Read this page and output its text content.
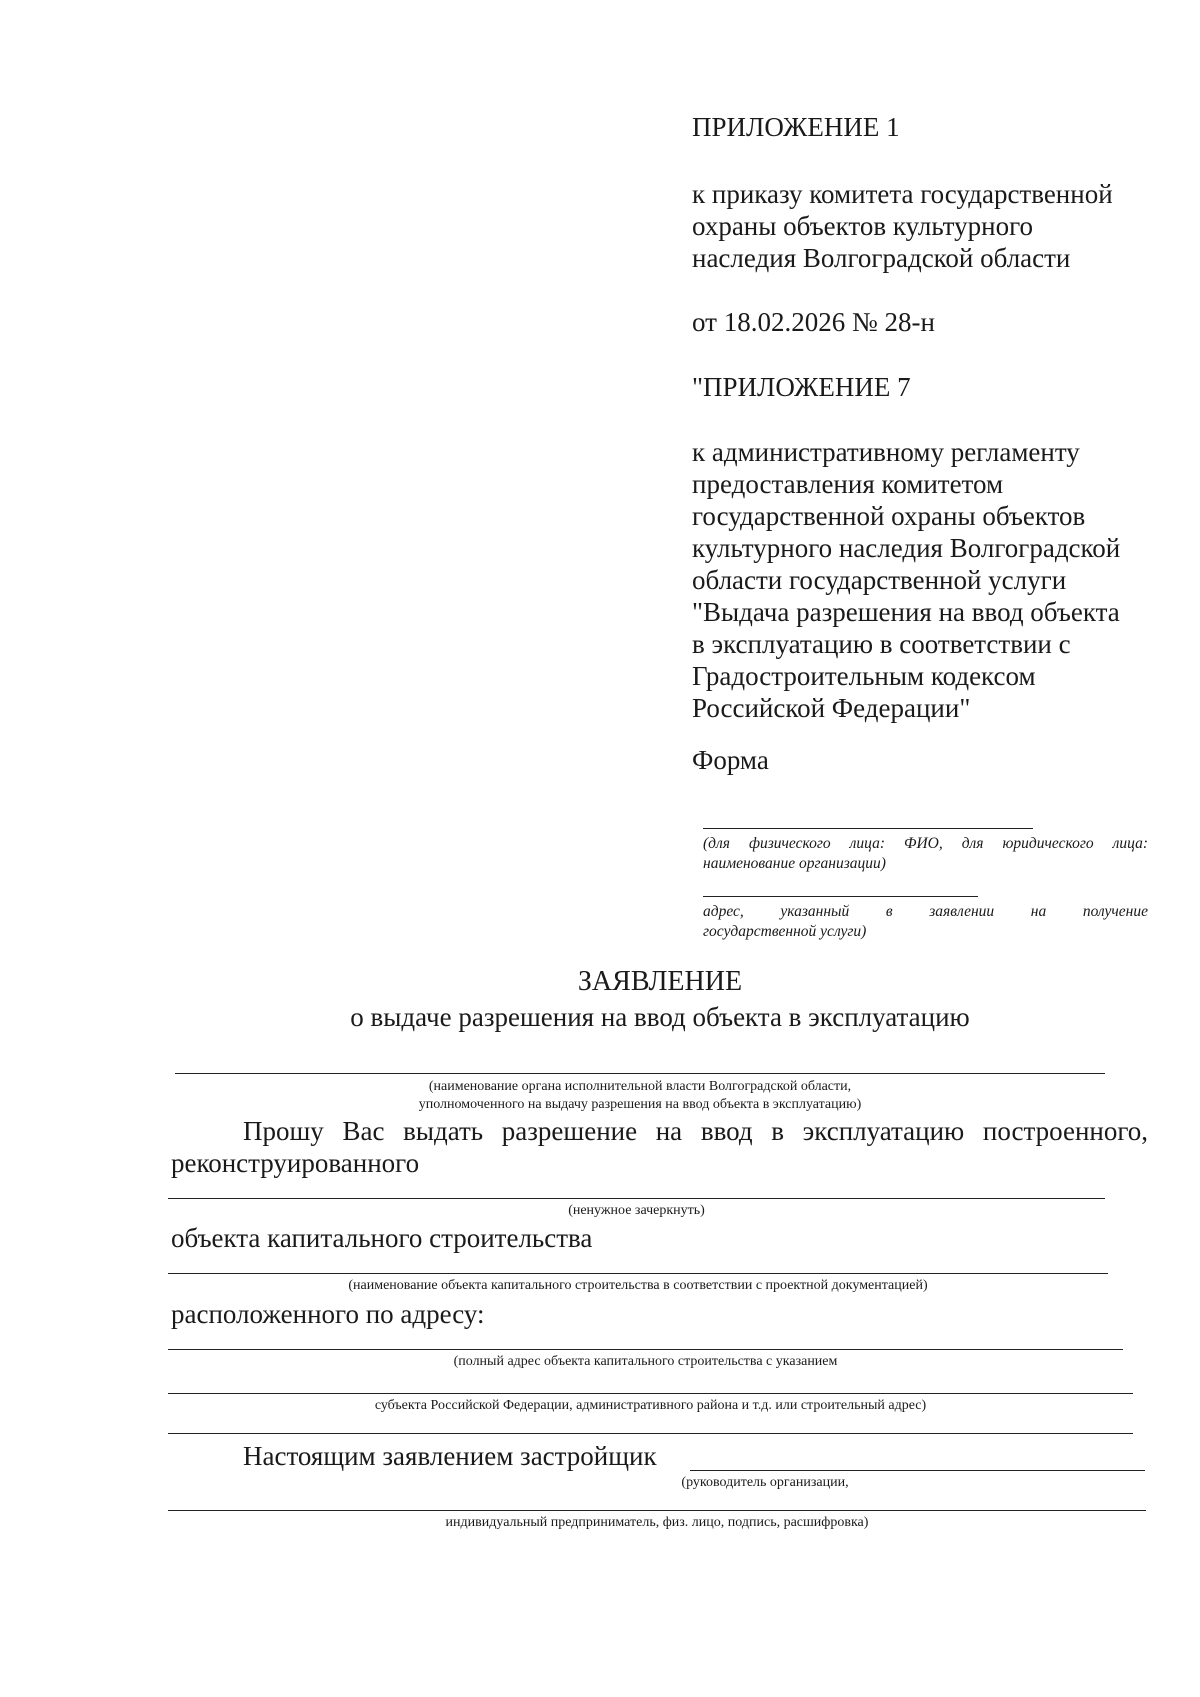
ПРИЛОЖЕНИЕ 1
к приказу комитета государственной
охраны объектов культурного
наследия Волгоградской области
от 18.02.2026 № 28-н
"ПРИЛОЖЕНИЕ 7
к административному регламенту
предоставления комитетом
государственной охраны объектов
культурного наследия Волгоградской
области государственной услуги
"Выдача разрешения на ввод объекта
в эксплуатацию в соответствии с
Градостроительным кодексом
Российской Федерации"
Форма
(для физического лица: ФИО, для юридического лица:
наименование организации)
адрес, указанный в заявлении на получение
государственной услуги)
ЗАЯВЛЕНИЕ
о выдаче разрешения на ввод объекта в эксплуатацию
(наименование органа исполнительной власти Волгоградской области,
уполномоченного на выдачу разрешения на ввод объекта в эксплуатацию)
Прошу Вас выдать разрешение на ввод в эксплуатацию построенного,
реконструированного
(ненужное зачеркнуть)
объекта капитального строительства
(наименование объекта капитального строительства в соответствии с проектной документацией)
расположенного по адресу:
(полный адрес объекта капитального строительства с указанием
субъекта Российской Федерации, административного района и т.д. или строительный адрес)
Настоящим заявлением застройщик
(руководитель организации,
индивидуальный предприниматель, физ. лицо, подпись, расшифровка)
